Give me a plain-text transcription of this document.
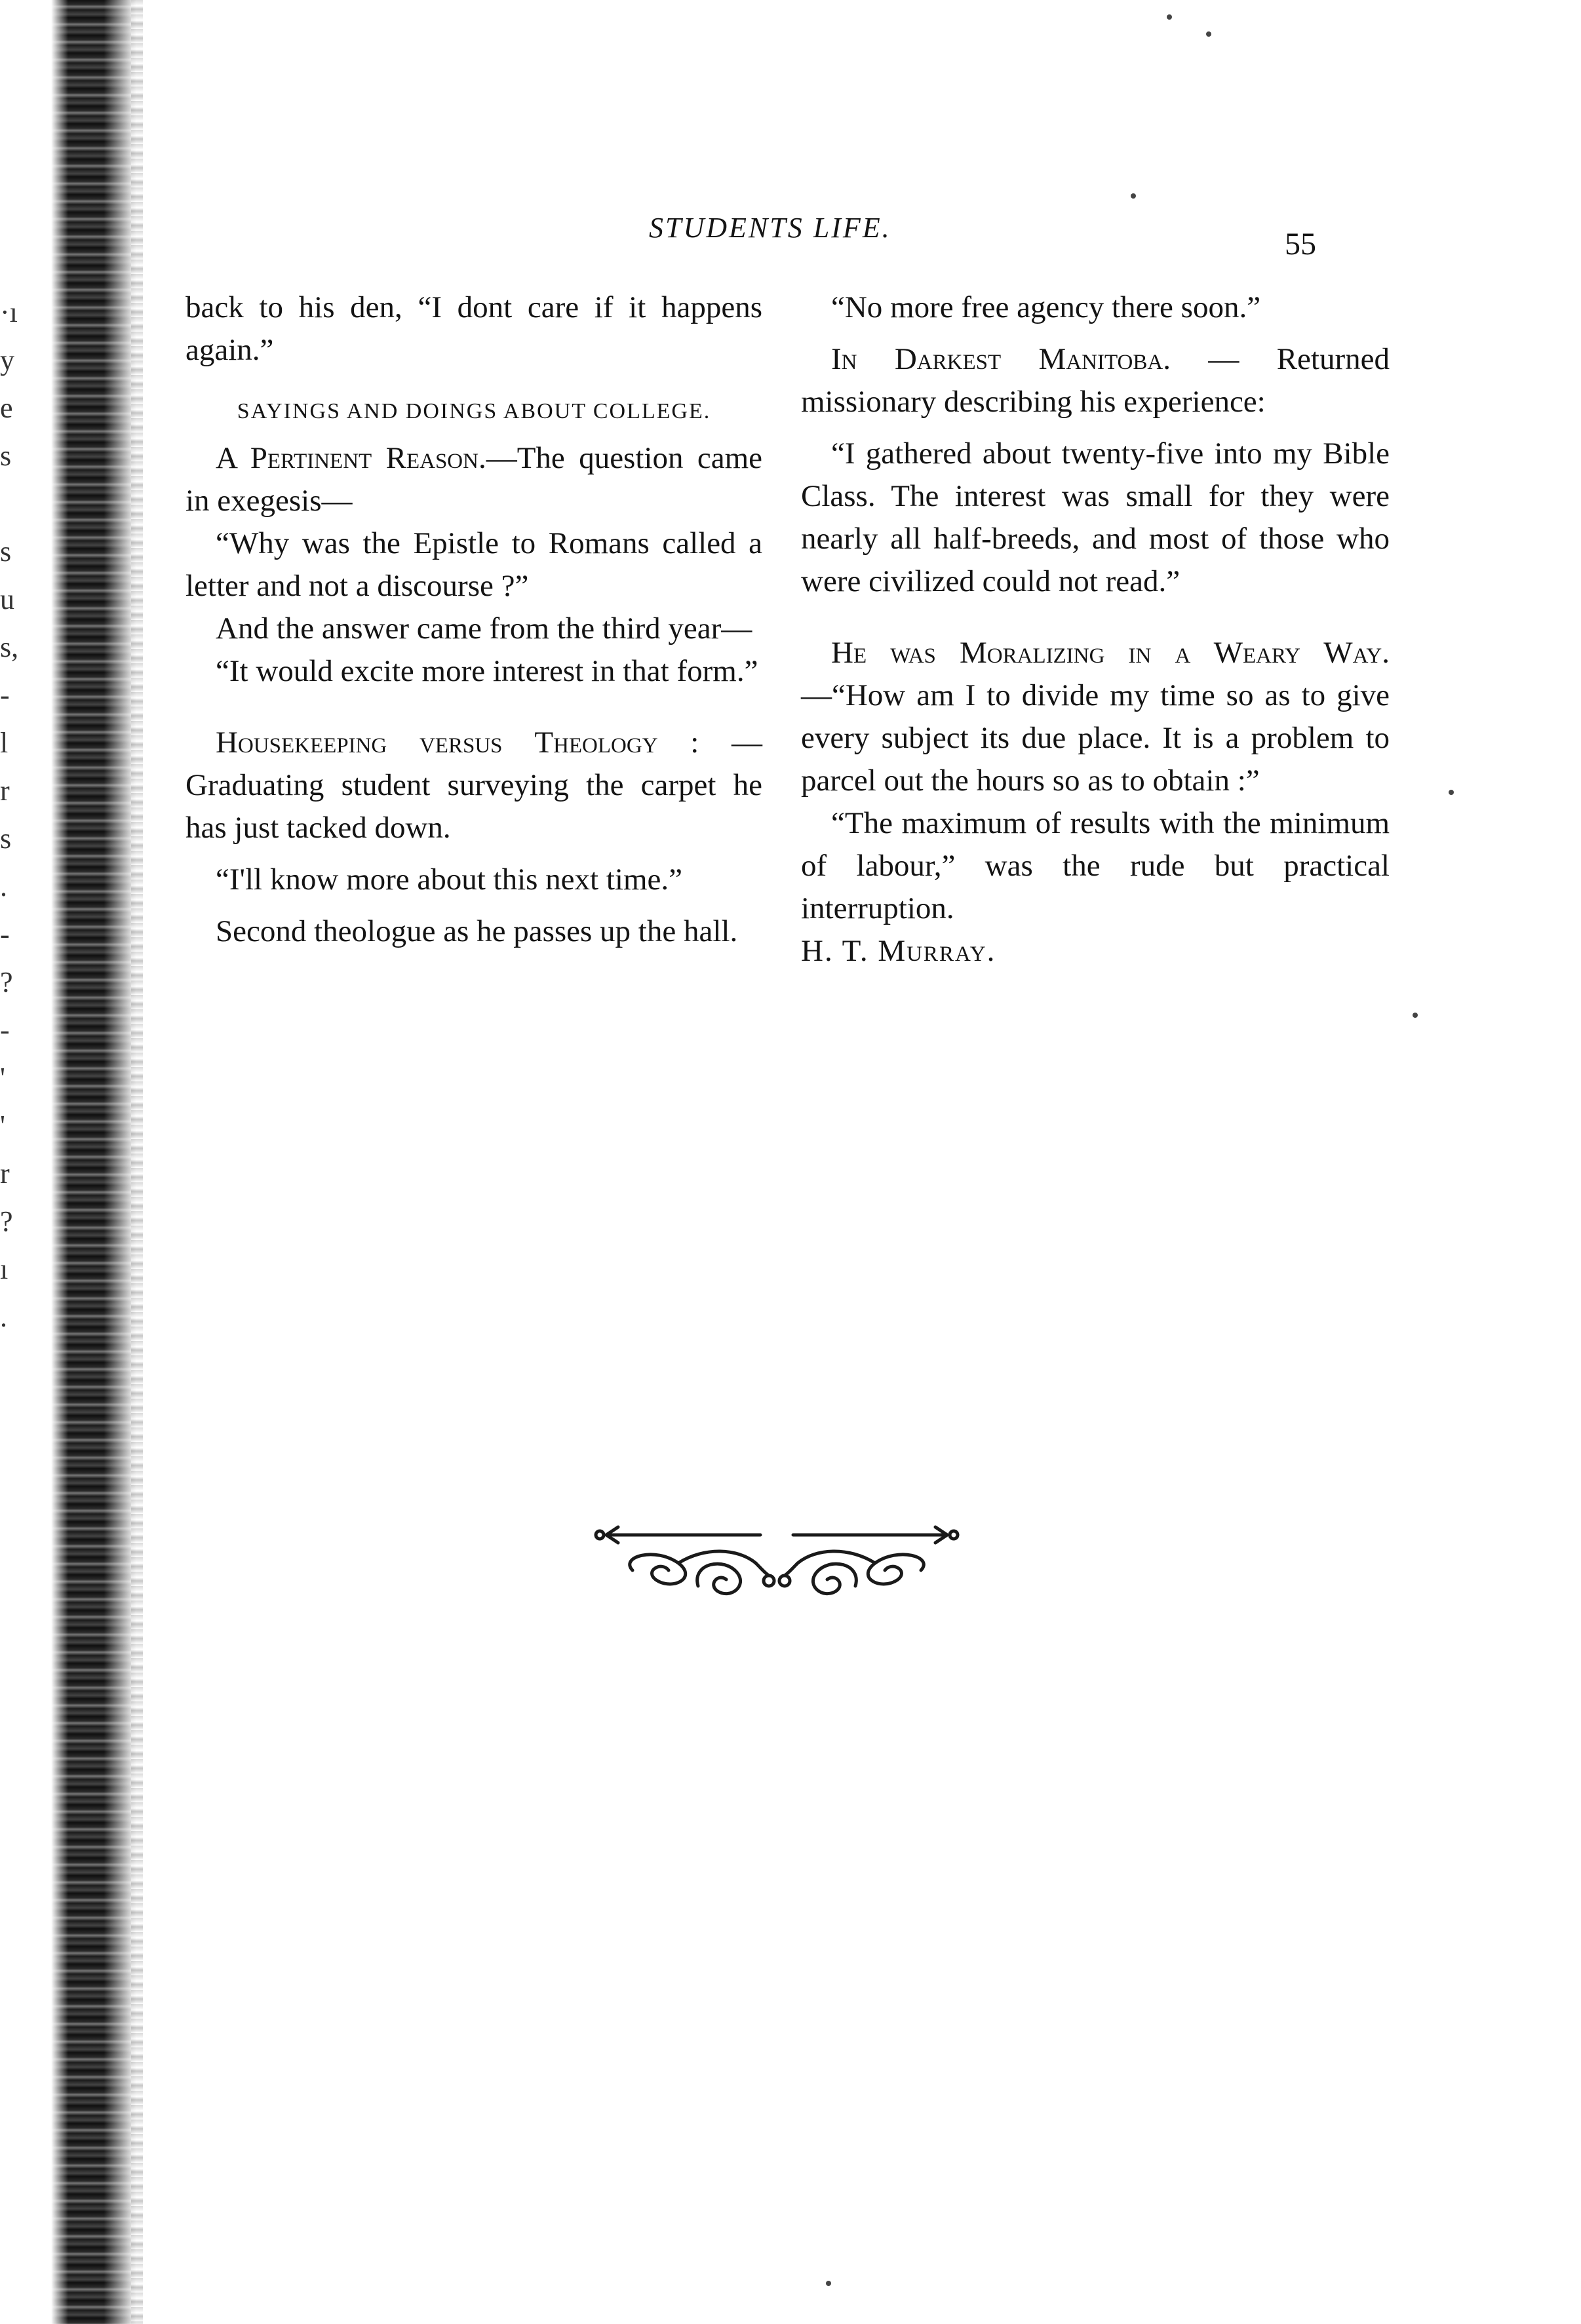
·ı
y
e
s
s
u
s,
-
l
r
s
.
-
?
-
'
'
r
?
ı
.
STUDENTS LIFE.	55

back to his den, “I dont care if it happens again.”

SAYINGS AND DOINGS ABOUT COLLEGE.

A Pertinent Reason.—The question came in exegesis—

“Why was the Epistle to Romans called a letter and not a discourse ?”

And the answer came from the third year—

“It would excite more interest in that form.”

Housekeeping versus Theology : —Graduating student surveying the carpet he has just tacked down.

“I'll know more about this next time.”

Second theologue as he passes up the hall.

“No more free agency there soon.”

In Darkest Manitoba. — Returned missionary describing his experience:

“I gathered about twenty-five into my Bible Class. The interest was small for they were nearly all half-breeds, and most of those who were civilized could not read.”

He was Moralizing in a Weary Way.—“How am I to divide my time so as to give every subject its due place. It is a problem to parcel out the hours so as to obtain :”

“The maximum of results with the minimum of labour,” was the rude but practical interruption.

H. T. Murray.
